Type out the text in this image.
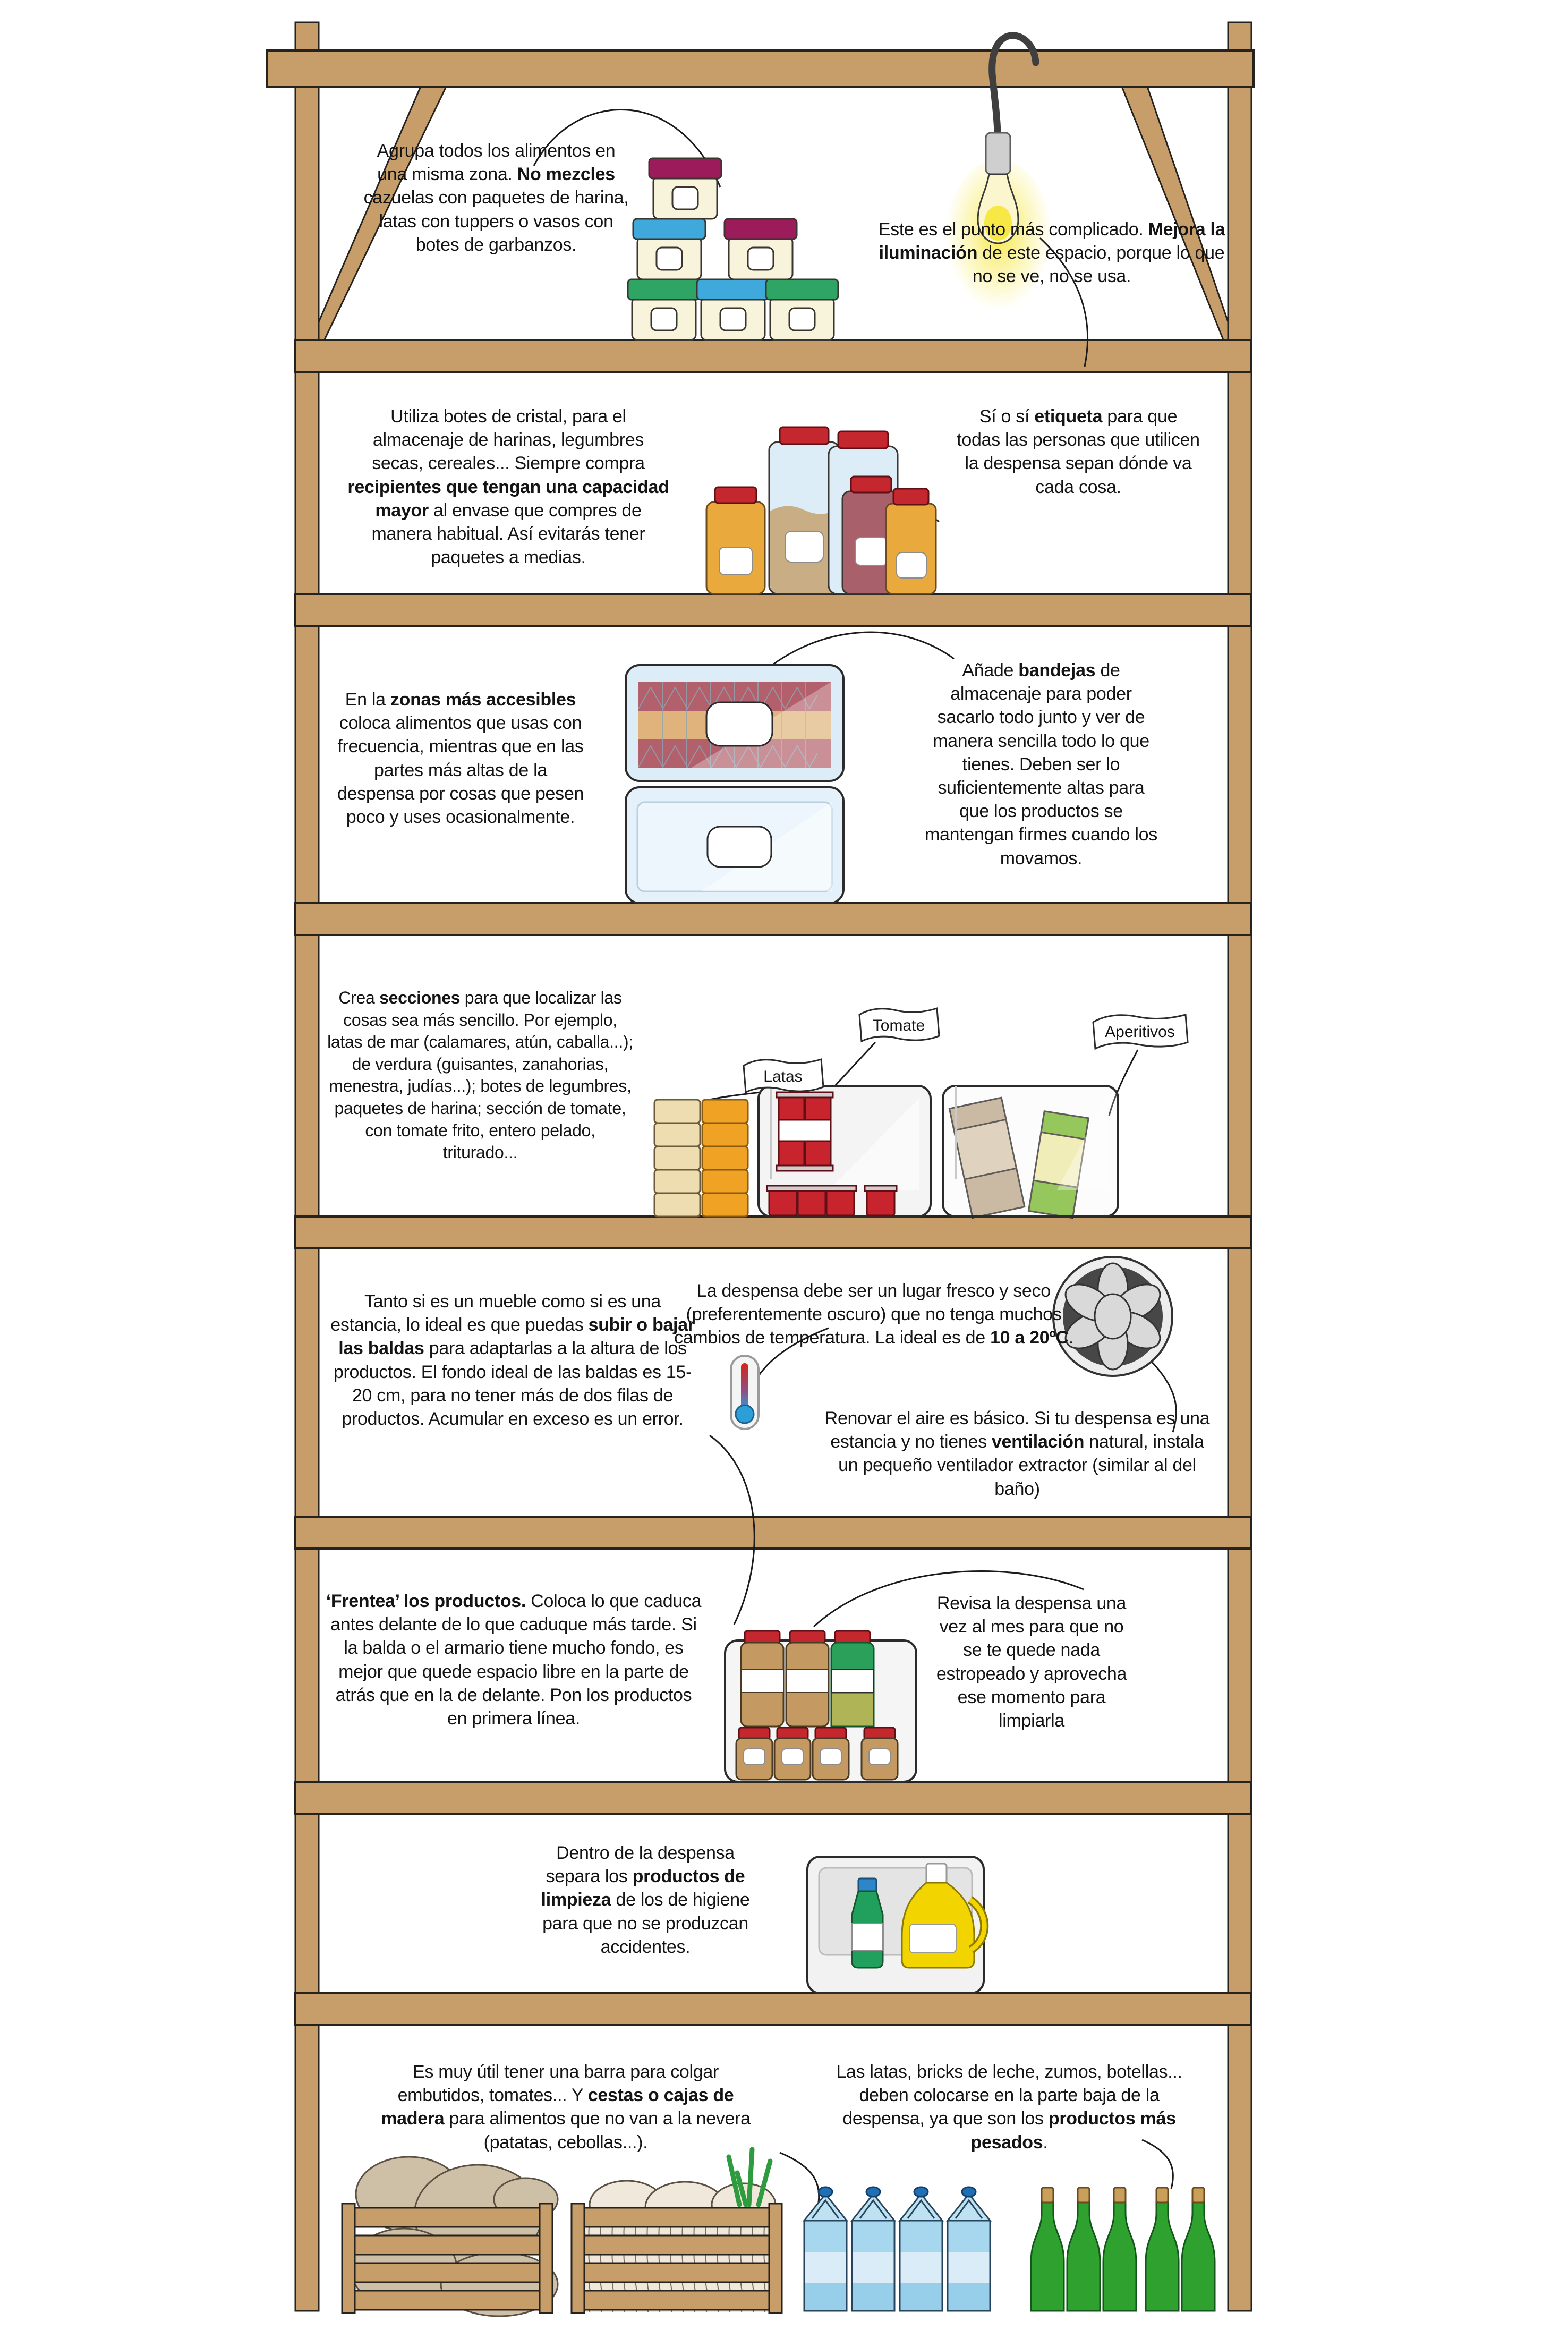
Latas
Tomate	Aperitivos
Agrupa todos los alimentos en una misma zona. No mezcles cazuelas con paquetes de harina, latas con tuppers o vasos con botes de garbanzos.
Este es el punto más complicado. Mejora la iluminación de este espacio, porque lo que no se ve, no se usa.
Utiliza botes de cristal, para el almacenaje de harinas, legumbres secas, cereales... Siempre compra recipientes que tengan una capacidad mayor al envase que compres de manera habitual. Así evitarás tener paquetes a medias.
Sí o sí etiqueta para que todas las personas que utilicen la despensa sepan dónde va cada cosa.
En la zonas más accesibles coloca alimentos que usas con frecuencia, mientras que en las partes más altas de la despensa por cosas que pesen poco y uses ocasionalmente.
Añade bandejas de almacenaje para poder sacarlo todo junto y ver de manera sencilla todo lo que tienes. Deben ser lo suficientemente altas para que los productos se mantengan firmes cuando los movamos.
Crea secciones para que localizar las cosas sea más sencillo. Por ejemplo, latas de mar (calamares, atún, caballa...); de verdura (guisantes, zanahorias, menestra, judías...); botes de legumbres, paquetes de harina; sección de tomate, con tomate frito, entero pelado, triturado...
Tanto si es un mueble como si es una estancia, lo ideal es que puedas subir o bajar las baldas para adaptarlas a la altura de los productos. El fondo ideal de las baldas es 15-20 cm, para no tener más de dos filas de productos. Acumular en exceso es un error.
La despensa debe ser un lugar fresco y seco (preferentemente oscuro) que no tenga muchos cambios de temperatura. La ideal es de 10 a 20ºC.
Renovar el aire es básico. Si tu despensa es una estancia y no tienes ventilación natural, instala un pequeño ventilador extractor (similar al del baño)
‘Frentea’ los productos. Coloca lo que caduca antes delante de lo que caduque más tarde. Si la balda o el armario tiene mucho fondo, es mejor que quede espacio libre en la parte de atrás que en la de delante. Pon los productos en primera línea.
Revisa la despensa una vez al mes para que no se te quede nada estropeado y aprovecha ese momento para limpiarla
Dentro de la despensa separa los productos de limpieza de los de higiene para que no se produzcan accidentes.
Es muy útil tener una barra para colgar embutidos, tomates... Y cestas o cajas de madera para alimentos que no van a la nevera (patatas, cebollas...).
Las latas, bricks de leche, zumos, botellas... deben colocarse en la parte baja de la despensa, ya que son los productos más pesados.
